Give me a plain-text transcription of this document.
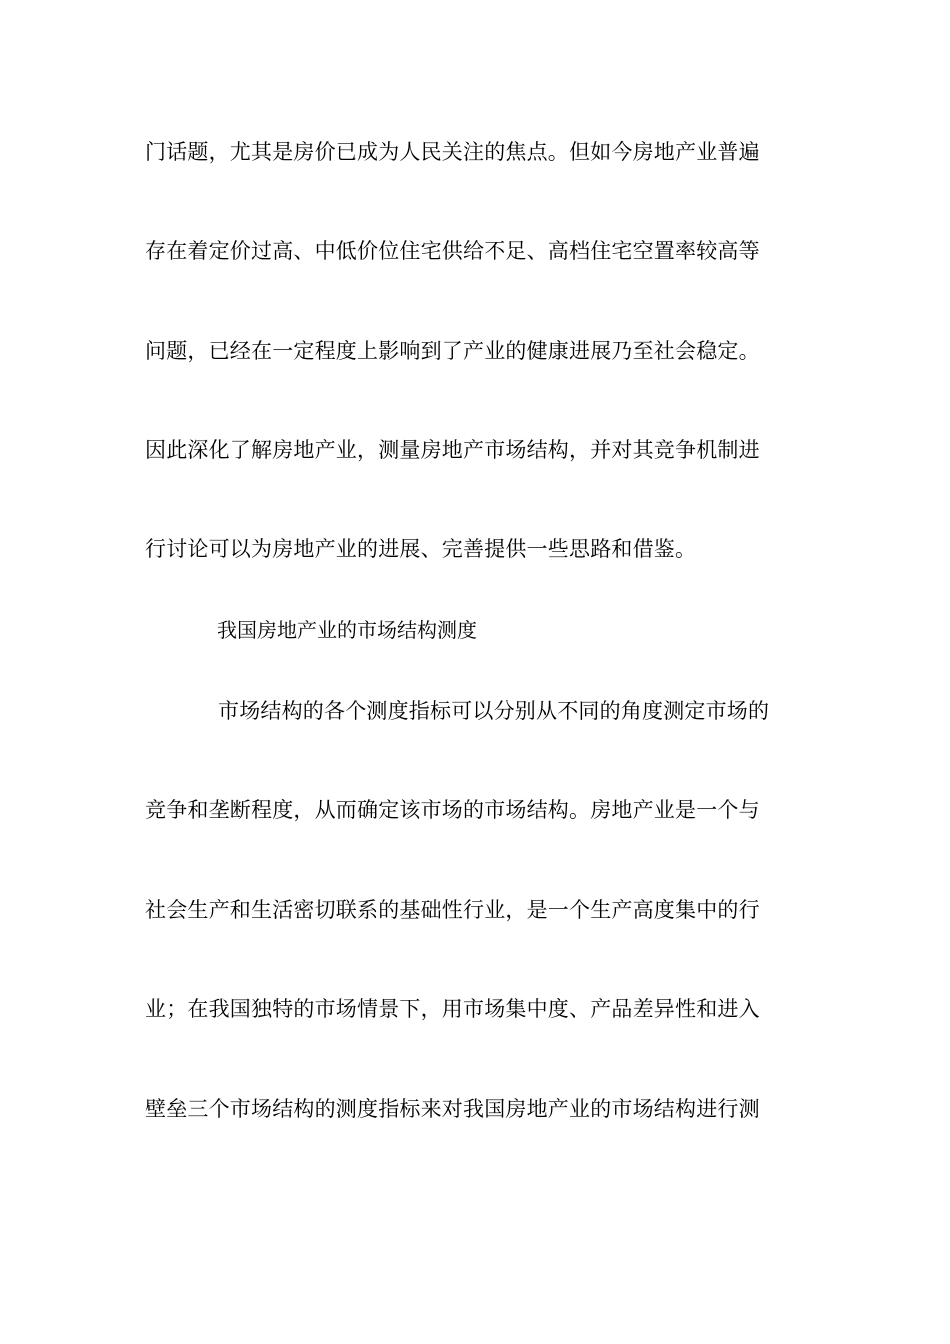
门话题，尤其是房价已成为人民关注的焦点。但如今房地产业普遍
存在着定价过高、中低价位住宅供给不足、高档住宅空置率较高等
问题，已经在一定程度上影响到了产业的健康进展乃至社会稳定。
因此深化了解房地产业，测量房地产市场结构，并对其竞争机制进
行讨论可以为房地产业的进展、完善提供一些思路和借鉴。
我国房地产业的市场结构测度
市场结构的各个测度指标可以分别从不同的角度测定市场的
竞争和垄断程度，从而确定该市场的市场结构。房地产业是一个与
社会生产和生活密切联系的基础性行业，是一个生产高度集中的行
业；在我国独特的市场情景下，用市场集中度、产品差异性和进入
壁垒三个市场结构的测度指标来对我国房地产业的市场结构进行测
